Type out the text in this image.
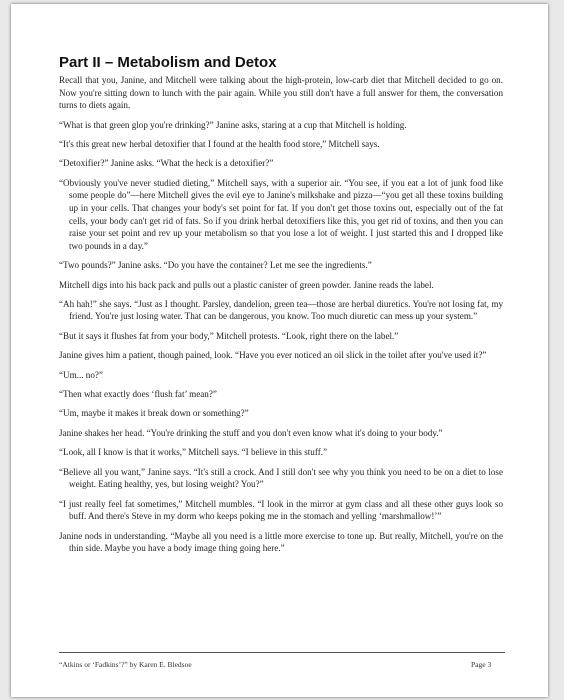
Part II – Metabolism and Detox

Recall that you, Janine, and Mitchell were talking about the high-protein, low-carb diet that Mitchell decided to go on. Now you're sitting down to lunch with the pair again. While you still don't have a full answer for them, the conversation turns to diets again.

“What is that green glop you're drinking?” Janine asks, staring at a cup that Mitchell is holding.

“It's this great new herbal detoxifier that I found at the health food store,” Mitchell says.

“Detoxifier?” Janine asks. “What the heck is a detoxifier?”

“Obviously you've never studied dieting,” Mitchell says, with a superior air. “You see, if you eat a lot of junk food like some people do”—here Mitchell gives the evil eye to Janine's milkshake and pizza—“you get all these toxins building up in your cells. That changes your body's set point for fat. If you don't get those toxins out, especially out of the fat cells, your body can't get rid of fats. So if you drink herbal detoxifiers like this, you get rid of toxins, and then you can raise your set point and rev up your metabolism so that you lose a lot of weight. I just started this and I dropped like two pounds in a day.”

“Two pounds?” Janine asks. “Do you have the container? Let me see the ingredients.”

Mitchell digs into his back pack and pulls out a plastic canister of green powder. Janine reads the label.

“Ah hah!” she says. “Just as I thought. Parsley, dandelion, green tea—those are herbal diuretics. You're not losing fat, my friend. You're just losing water. That can be dangerous, you know. Too much diuretic can mess up your system.”

“But it says it flushes fat from your body,” Mitchell protests. “Look, right there on the label.”

Janine gives him a patient, though pained, look. “Have you ever noticed an oil slick in the toilet after you've used it?”

“Um... no?”

“Then what exactly does ‘flush fat’ mean?”

“Um, maybe it makes it break down or something?”

Janine shakes her head. “You're drinking the stuff and you don't even know what it's doing to your body.”

“Look, all I know is that it works,” Mitchell says. “I believe in this stuff.”

“Believe all you want,” Janine says. “It's still a crock. And I still don't see why you think you need to be on a diet to lose weight. Eating healthy, yes, but losing weight? You?”

“I just really feel fat sometimes,” Mitchell mumbles. “I look in the mirror at gym class and all these other guys look so buff. And there's Steve in my dorm who keeps poking me in the stomach and yelling ‘marshmallow!’”

Janine nods in understanding. “Maybe all you need is a little more exercise to tone up. But really, Mitchell, you're on the thin side. Maybe you have a body image thing going here.”

“Atkins or ‘Fadkins’?” by Karen E. Bledsoe	Page 3
